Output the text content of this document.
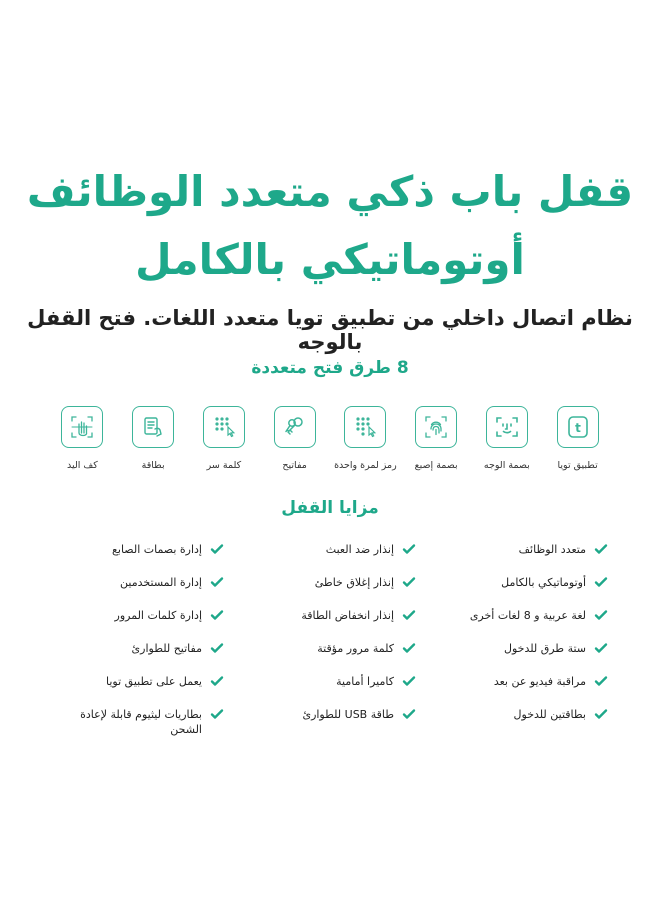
قفل باب ذكي متعدد الوظائف
أوتوماتيكي بالكامل

نظام اتصال داخلي من تطبيق تويا متعدد اللغات. فتح القفل بالوجه

8 طرق فتح متعددة

t
تطبيق تويا
بصمة الوجه
بصمة إصبع
رمز لمرة واحدة
مفاتيح
كلمة سر
بطاقة
كف اليد

مزايا القفل

متعدد الوظائف
أوتوماتيكي بالكامل
لغة عربية و 8 لغات أخرى
ستة طرق للدخول
مراقبة فيديو عن بعد
بطاقتين للدخول
إنذار ضد العبث
إنذار إغلاق خاطئ
إنذار انخفاض الطاقة
كلمة مرور مؤقتة
كاميرا أمامية
طاقة USB للطوارئ
إدارة بصمات الصابع
إدارة المستخدمين
إدارة كلمات المرور
مفاتيح للطوارئ
يعمل على تطبيق تويا
بطاريات ليثيوم قابلة لإعادة الشحن
